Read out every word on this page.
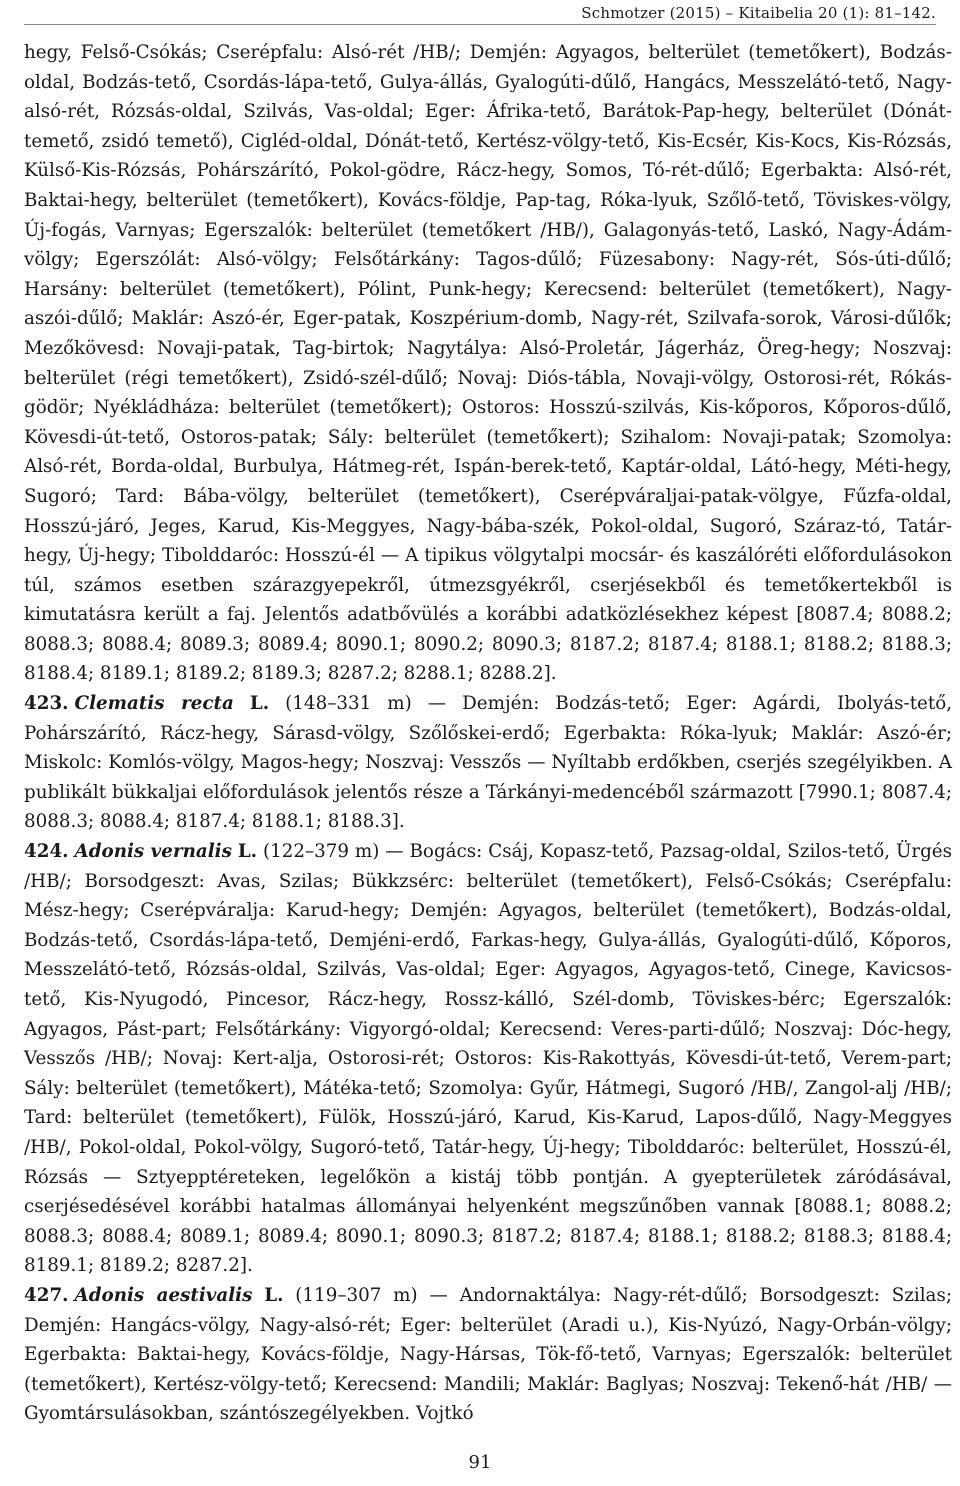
Schmotzer (2015) – Kitaibelia 20 (1): 81–142.

hegy, Felső-Csókás; Cserépfalu: Alsó-rét /HB/; Demjén: Agyagos, belterület (temetőkert), Bodzás-oldal, Bodzás-tető, Csordás-lápa-tető, Gulya-állás, Gyalogúti-dűlő, Hangács, Messzelátó-tető, Nagy-alsó-rét, Rózsás-oldal, Szilvás, Vas-oldal; Eger: Áfrika-tető, Barátok-Pap-hegy, belterület (Dónát-temető, zsidó temető), Cigléd-oldal, Dónát-tető, Kertész-völgy-tető, Kis-Ecsér, Kis-Kocs, Kis-Rózsás, Külső-Kis-Rózsás, Pohárszárító, Pokol-gödre, Rácz-hegy, Somos, Tó-rét-dűlő; Egerbakta: Alsó-rét, Baktai-hegy, belterület (temetőkert), Kovács-földje, Pap-tag, Róka-lyuk, Szőlő-tető, Töviskes-völgy, Új-fogás, Varnyas; Egerszalók: belterület (temetőkert /HB/), Galagonyás-tető, Laskó, Nagy-Ádám-völgy; Egerszólát: Alsó-völgy; Felsőtárkány: Tagos-dűlő; Füzesabony: Nagy-rét, Sós-úti-dűlő; Harsány: belterület (temetőkert), Pólint, Punk-hegy; Kerecsend: belterület (temetőkert), Nagy-aszói-dűlő; Maklár: Aszó-ér, Eger-patak, Koszpérium-domb, Nagy-rét, Szilvafa-sorok, Városi-dűlők; Mezőkövesd: Novaji-patak, Tag-birtok; Nagytálya: Alsó-Proletár, Jágerház, Öreg-hegy; Noszvaj: belterület (régi temetőkert), Zsidó-szél-dűlő; Novaj: Diós-tábla, Novaji-völgy, Ostorosi-rét, Rókás-gödör; Nyékládháza: belterület (temetőkert); Ostoros: Hosszú-szilvás, Kis-kőporos, Kőporos-dűlő, Kövesdi-út-tető, Ostoros-patak; Sály: belterület (temetőkert); Szihalom: Novaji-patak; Szomolya: Alsó-rét, Borda-oldal, Burbulya, Hátmeg-rét, Ispán-berek-tető, Kaptár-oldal, Látó-hegy, Méti-hegy, Sugoró; Tard: Bába-völgy, belterület (temetőkert), Cserépváraljai-patak-völgye, Fűzfa-oldal, Hosszú-járó, Jeges, Karud, Kis-Meggyes, Nagy-bába-szék, Pokol-oldal, Sugoró, Száraz-tó, Tatár-hegy, Új-hegy; Tibolddaróc: Hosszú-él — A tipikus völgytalpi mocsár- és kaszálóréti előfordulásokon túl, számos esetben szárazgyepekről, útmezsgyékről, cserjésekből és temetőkertekből is kimutatásra került a faj. Jelentős adatbővülés a korábbi adatközlésekhez képest [8087.4; 8088.2; 8088.3; 8088.4; 8089.3; 8089.4; 8090.1; 8090.2; 8090.3; 8187.2; 8187.4; 8188.1; 8188.2; 8188.3; 8188.4; 8189.1; 8189.2; 8189.3; 8287.2; 8288.1; 8288.2].

423. Clematis recta L. (148–331 m) — Demjén: Bodzás-tető; Eger: Agárdi, Ibolyás-tető, Pohárszárító, Rácz-hegy, Sárasd-völgy, Szőlőskei-erdő; Egerbakta: Róka-lyuk; Maklár: Aszó-ér; Miskolc: Komlós-völgy, Magos-hegy; Noszvaj: Vesszős — Nyíltabb erdőkben, cserjés szegélyikben. A publikált bükkaljai előfordulások jelentős része a Tárkányi-medencéből származott [7990.1; 8087.4; 8088.3; 8088.4; 8187.4; 8188.1; 8188.3].

424. Adonis vernalis L. (122–379 m) — Bogács: Csáj, Kopasz-tető, Pazsag-oldal, Szilos-tető, Ürgés /HB/; Borsodgeszt: Avas, Szilas; Bükkzsérc: belterület (temetőkert), Felső-Csókás; Cserépfalu: Mész-hegy; Cserépváralja: Karud-hegy; Demjén: Agyagos, belterület (temetőkert), Bodzás-oldal, Bodzás-tető, Csordás-lápa-tető, Demjéni-erdő, Farkas-hegy, Gulya-állás, Gyalogúti-dűlő, Kőporos, Messzelátó-tető, Rózsás-oldal, Szilvás, Vas-oldal; Eger: Agyagos, Agyagos-tető, Cinege, Kavicsos-tető, Kis-Nyugodó, Pincesor, Rácz-hegy, Rossz-kálló, Szél-domb, Töviskes-bérc; Egerszalók: Agyagos, Pást-part; Felsőtárkány: Vigyorgó-oldal; Kerecsend: Veres-parti-dűlő; Noszvaj: Dóc-hegy, Vesszős /HB/; Novaj: Kert-alja, Ostorosi-rét; Ostoros: Kis-Rakottyás, Kövesdi-út-tető, Verem-part; Sály: belterület (temetőkert), Mátéka-tető; Szomolya: Gyűr, Hátmegi, Sugoró /HB/, Zangol-alj /HB/; Tard: belterület (temetőkert), Fülök, Hosszú-járó, Karud, Kis-Karud, Lapos-dűlő, Nagy-Meggyes /HB/, Pokol-oldal, Pokol-völgy, Sugoró-tető, Tatár-hegy, Új-hegy; Tibolddaróc: belterület, Hosszú-él, Rózsás — Sztyepptéreteken, legelőkön a kistáj több pontján. A gyepterületek záródásával, cserjésedésével korábbi hatalmas állományai helyenként megszűnőben vannak [8088.1; 8088.2; 8088.3; 8088.4; 8089.1; 8089.4; 8090.1; 8090.3; 8187.2; 8187.4; 8188.1; 8188.2; 8188.3; 8188.4; 8189.1; 8189.2; 8287.2].

427. Adonis aestivalis L. (119–307 m) — Andornaktálya: Nagy-rét-dűlő; Borsodgeszt: Szilas; Demjén: Hangács-völgy, Nagy-alsó-rét; Eger: belterület (Aradi u.), Kis-Nyúzó, Nagy-Orbán-völgy; Egerbakta: Baktai-hegy, Kovács-földje, Nagy-Hársas, Tök-fő-tető, Varnyas; Egerszalók: belterület (temetőkert), Kertész-völgy-tető; Kerecsend: Mandili; Maklár: Baglyas; Noszvaj: Tekenő-hát /HB/ — Gyomtársulásokban, szántószegélyekben. Vojtkó

91
